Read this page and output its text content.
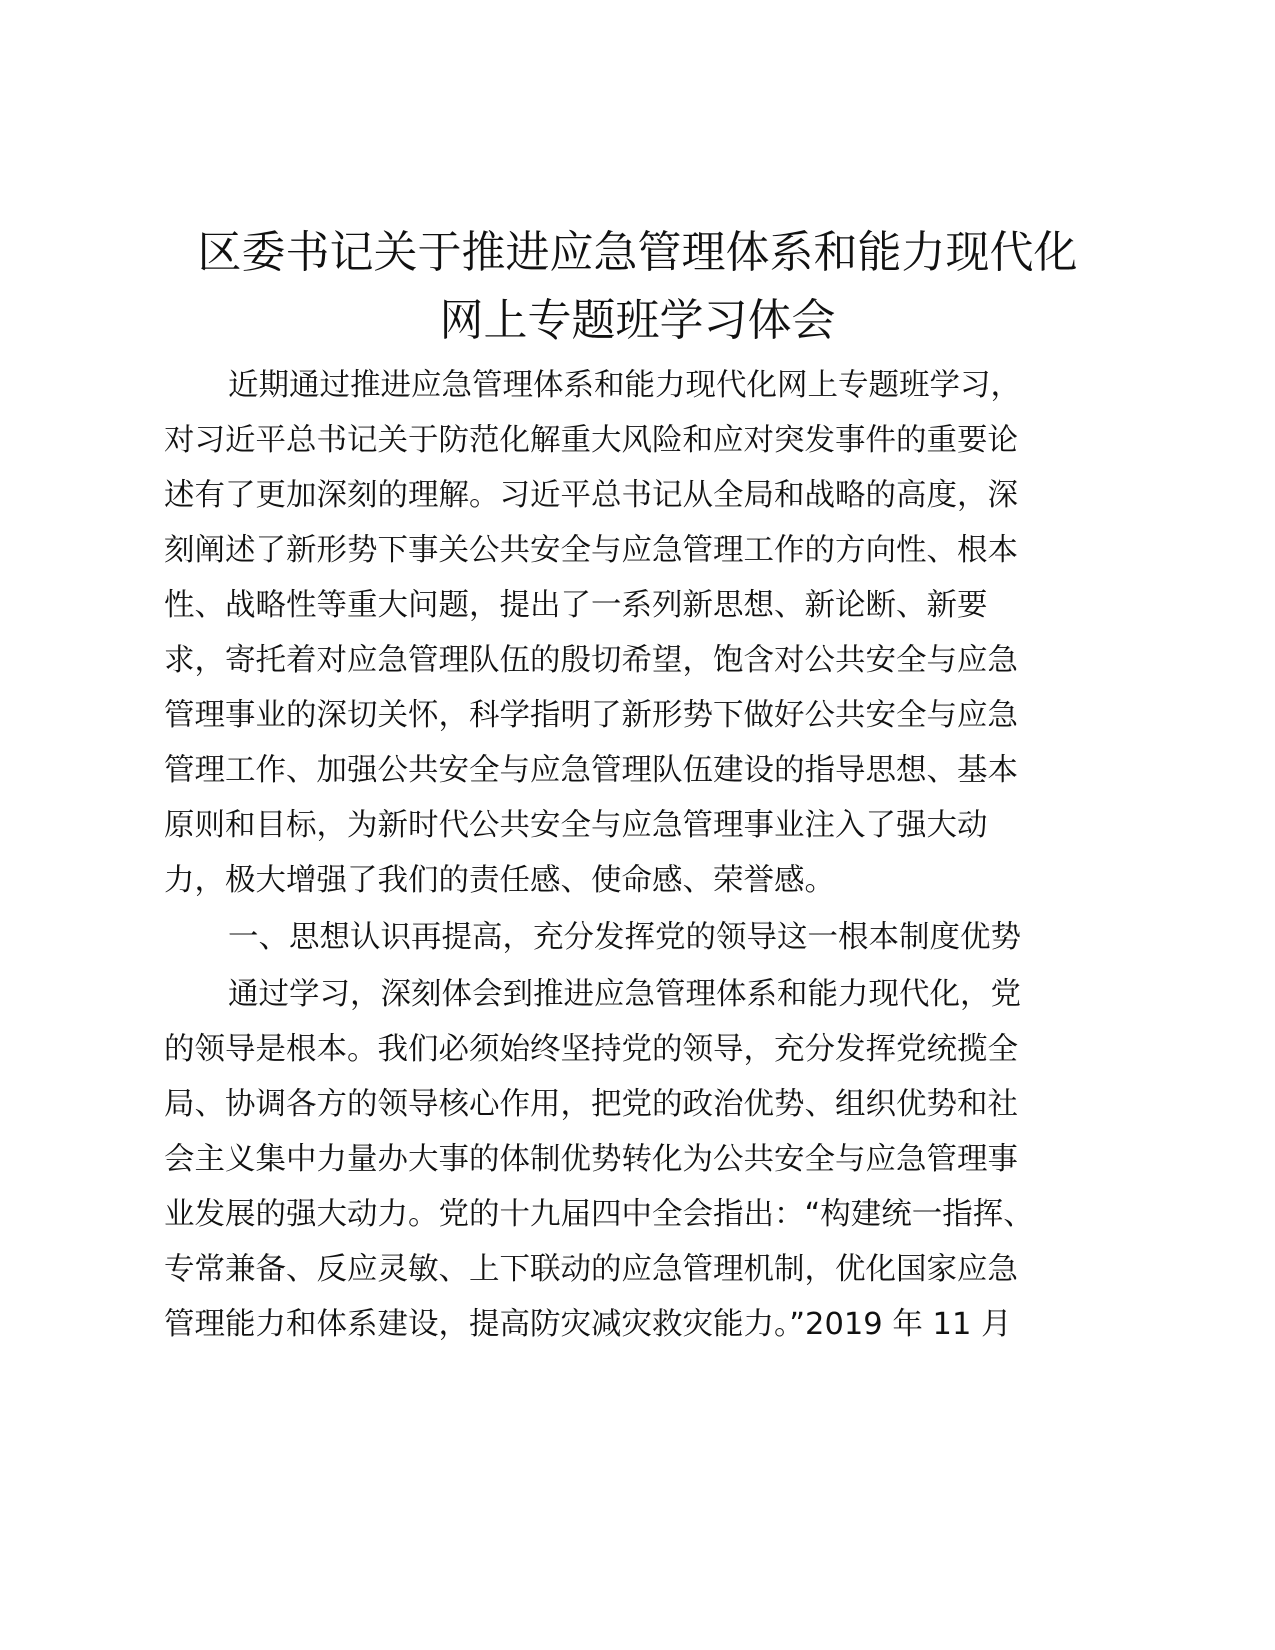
区委书记关于推进应急管理体系和能力现代化
网上专题班学习体会
近期通过推进应急管理体系和能力现代化网上专题班学习，
对习近平总书记关于防范化解重大风险和应对突发事件的重要论
述有了更加深刻的理解。习近平总书记从全局和战略的高度，深
刻阐述了新形势下事关公共安全与应急管理工作的方向性、根本
性、战略性等重大问题，提出了一系列新思想、新论断、新要
求，寄托着对应急管理队伍的殷切希望，饱含对公共安全与应急
管理事业的深切关怀，科学指明了新形势下做好公共安全与应急
管理工作、加强公共安全与应急管理队伍建设的指导思想、基本
原则和目标，为新时代公共安全与应急管理事业注入了强大动
力，极大增强了我们的责任感、使命感、荣誉感。
一、思想认识再提高，充分发挥党的领导这一根本制度优势
通过学习，深刻体会到推进应急管理体系和能力现代化，党
的领导是根本。我们必须始终坚持党的领导，充分发挥党统揽全
局、协调各方的领导核心作用，把党的政治优势、组织优势和社
会主义集中力量办大事的体制优势转化为公共安全与应急管理事
业发展的强大动力。党的十九届四中全会指出：“构建统一指挥、
专常兼备、反应灵敏、上下联动的应急管理机制，优化国家应急
管理能力和体系建设，提高防灾减灾救灾能力。”2019 年 11 月
